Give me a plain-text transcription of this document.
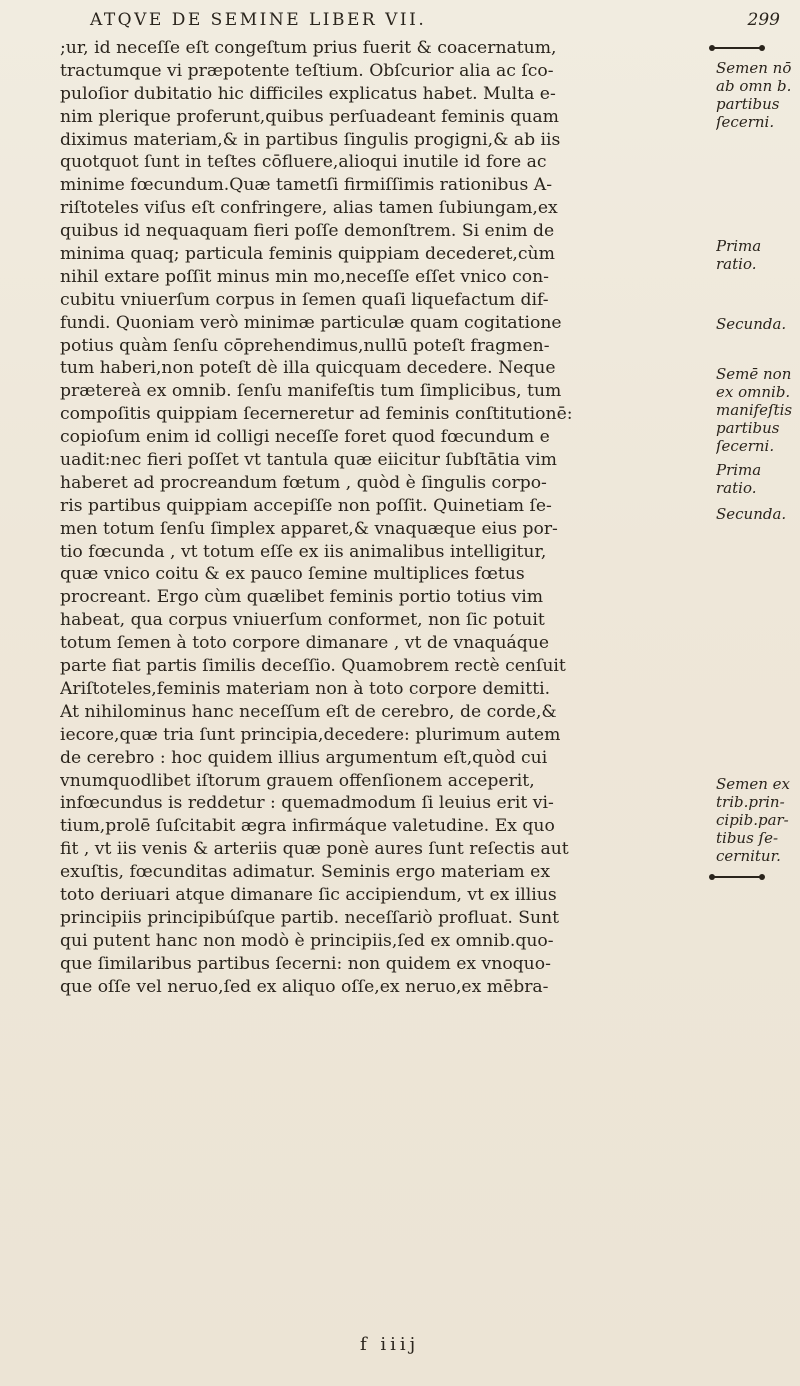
ATQVE DE SEMINE LIBER VII.	299
;ur, id neceſſe eſt congeſtum prius fuerit & coacernatum,
tractumque vi præpotente teſtium. Obſcurior alia ac ſco-
puloſior dubitatio hic difficiles explicatus habet. Multa e-
nim plerique proferunt,quibus perſuadeant feminis quam
diximus materiam,& in partibus ſingulis progigni,& ab iis
quotquot ſunt in teſtes cōfluere,alioqui inutile id fore ac
minime fœcundum.Quæ tametſi firmiſſimis rationibus A-
riſtoteles viſus eſt confringere, alias tamen ſubiungam,ex
quibus id nequaquam fieri poſſe demonſtrem. Si enim de
minima quaq; particula feminis quippiam decederet,cùm
nihil extare poſſit minus min mo,neceſſe eſſet vnico con-
cubitu vniuerſum corpus in ſemen quaſi liquefactum dif-
fundi. Quoniam verò minimæ particulæ quam cogitatione
potius quàm ſenſu cōprehendimus,nullū poteſt fragmen-
tum haberi,non poteſt dè illa quicquam decedere. Neque
prætereà ex omnib. ſenſu manifeſtis tum ſimplicibus, tum
compoſitis quippiam ſecerneretur ad feminis conſtitutionē:
copioſum enim id colligi neceſſe foret quod fœcundum e
uadit:nec fieri poſſet vt tantula quæ eiicitur ſubſtātia vim
haberet ad procreandum fœtum , quòd è ſingulis corpo-
ris partibus quippiam accepiſſe non poſſit. Quinetiam ſe-
men totum ſenſu ſimplex apparet,& vnaquæque eius por-
tio fœcunda , vt totum eſſe ex iis animalibus intelligitur,
quæ vnico coitu & ex pauco ſemine multiplices fœtus
procreant. Ergo cùm quælibet feminis portio totius vim
habeat, qua corpus vniuerſum conformet, non ſic potuit
totum ſemen à toto corpore dimanare , vt de vnaquáque
parte fiat partis ſimilis deceſſio. Quamobrem rectè cenſuit
Ariſtoteles,feminis materiam non à toto corpore demitti.
At nihilominus hanc neceſſum eſt de cerebro, de corde,&
iecore,quæ tria ſunt principia,decedere: plurimum autem
de cerebro : hoc quidem illius argumentum eſt,quòd cui
vnumquodlibet iſtorum grauem offenſionem acceperit,
infœcundus is reddetur : quemadmodum ſi leuius erit vi-
tium,prolē ſuſcitabit ægra infirmáque valetudine. Ex quo
fit , vt iis venis & arteriis quæ ponè aures ſunt reſectis aut
exuſtis, fœcunditas adimatur. Seminis ergo materiam ex
toto deriuari atque dimanare ſic accipiendum, vt ex illius
principiis principibúſque partib. neceſſariò profluat. Sunt
qui putent hanc non modò è principiis,ſed ex omnib.quo-
que ſimilaribus partibus ſecerni: non quidem ex vnoquo-
que oſſe vel neruo,ſed ex aliquo oſſe,ex neruo,ex mēbra-
Semen nō
ab omn b.
partibus
ſecerni.
Prima
ratio.
Secunda.
Semē non
ex omnib.
manifeſtis
partibus
ſecerni.
Prima
ratio.
Secunda.
Semen ex
trib.prin-
cipib.par-
tibus ſe-
cernitur.
f iiij
